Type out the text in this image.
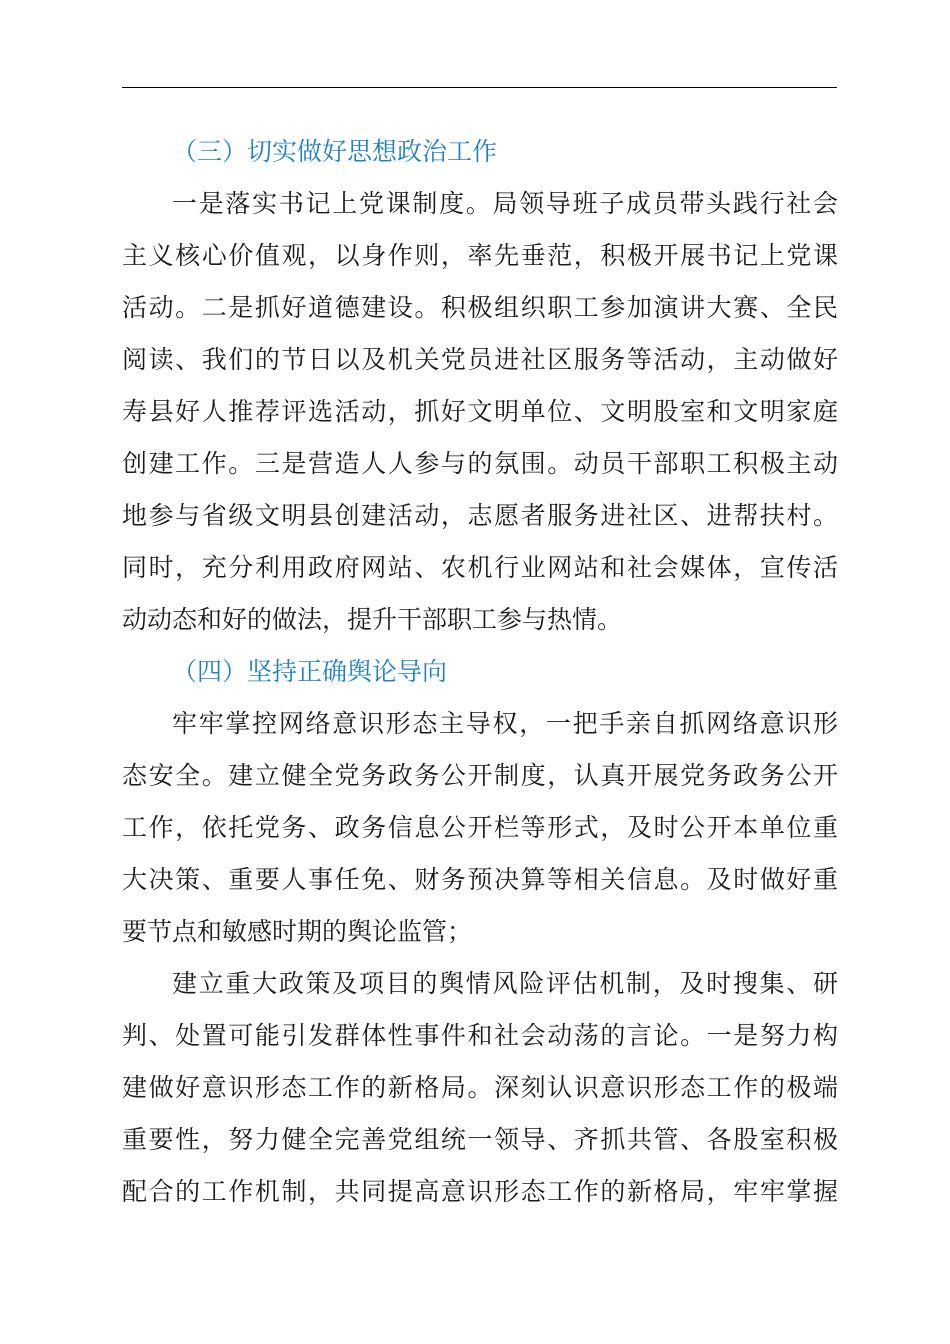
（三）切实做好思想政治工作
一是落实书记上党课制度。局领导班子成员带头践行社会
主义核心价值观，以身作则，率先垂范，积极开展书记上党课
活动。二是抓好道德建设。积极组织职工参加演讲大赛、全民
阅读、我们的节日以及机关党员进社区服务等活动，主动做好
寿县好人推荐评选活动，抓好文明单位、文明股室和文明家庭
创建工作。三是营造人人参与的氛围。动员干部职工积极主动
地参与省级文明县创建活动，志愿者服务进社区、进帮扶村。
同时，充分利用政府网站、农机行业网站和社会媒体，宣传活
动动态和好的做法，提升干部职工参与热情。
（四）坚持正确舆论导向
牢牢掌控网络意识形态主导权，一把手亲自抓网络意识形
态安全。建立健全党务政务公开制度，认真开展党务政务公开
工作，依托党务、政务信息公开栏等形式，及时公开本单位重
大决策、重要人事任免、财务预决算等相关信息。及时做好重
要节点和敏感时期的舆论监管；
建立重大政策及项目的舆情风险评估机制，及时搜集、研
判、处置可能引发群体性事件和社会动荡的言论。一是努力构
建做好意识形态工作的新格局。深刻认识意识形态工作的极端
重要性，努力健全完善党组统一领导、齐抓共管、各股室积极
配合的工作机制，共同提高意识形态工作的新格局，牢牢掌握
